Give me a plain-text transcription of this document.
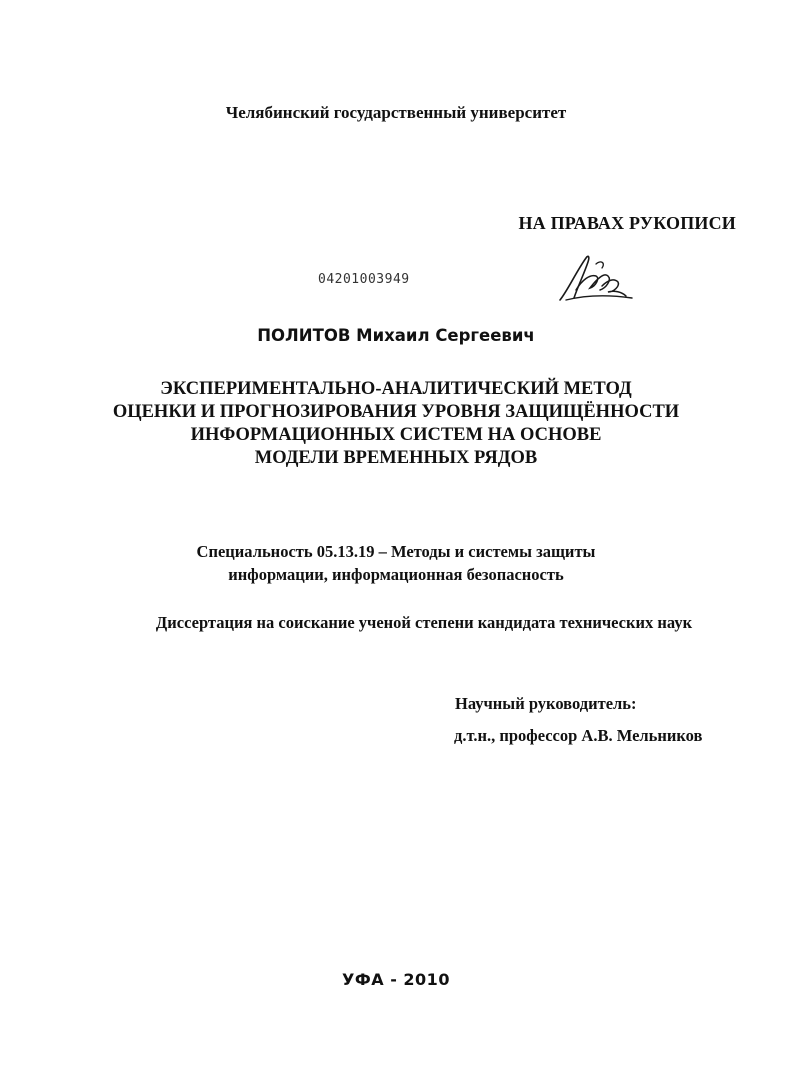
Челябинский государственный университет
НА ПРАВАХ РУКОПИСИ
04201003949
ПОЛИТОВ Михаил Сергеевич
ЭКСПЕРИМЕНТАЛЬНО-АНАЛИТИЧЕСКИЙ МЕТОД
ОЦЕНКИ И ПРОГНОЗИРОВАНИЯ УРОВНЯ ЗАЩИЩЁННОСТИ
ИНФОРМАЦИОННЫХ СИСТЕМ НА ОСНОВЕ
МОДЕЛИ ВРЕМЕННЫХ РЯДОВ
Специальность 05.13.19 – Методы и системы защиты
информации, информационная безопасность
Диссертация на соискание ученой степени кандидата технических наук
Научный руководитель:
д.т.н., профессор А.В. Мельников
УФА - 2010
